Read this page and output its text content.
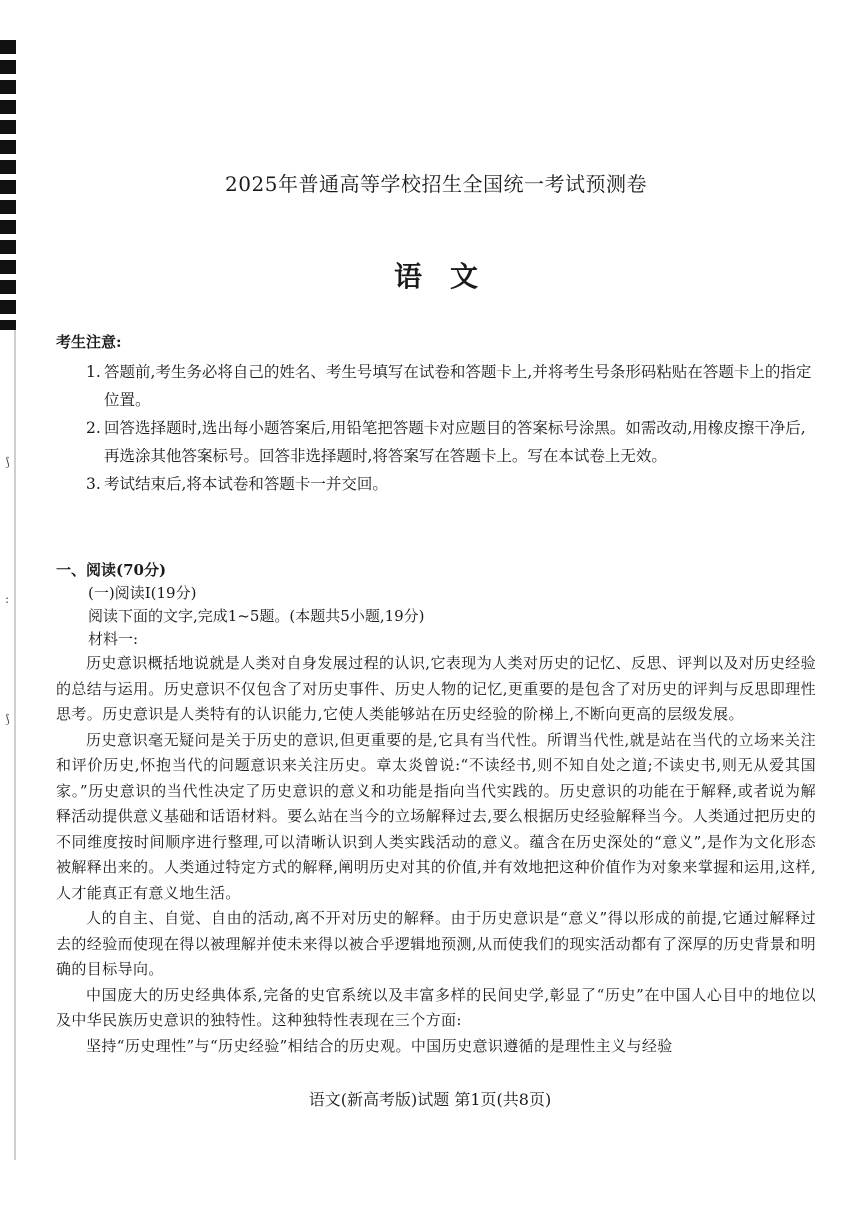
⟆
:
⟆
2025年普通高等学校招生全国统一考试预测卷
语文
考生注意:
1. 答题前,考生务必将自己的姓名、考生号填写在试卷和答题卡上,并将考生号条形码粘贴在答题卡上的指定位置。
2. 回答选择题时,选出每小题答案后,用铅笔把答题卡对应题目的答案标号涂黑。如需改动,用橡皮擦干净后,再选涂其他答案标号。回答非选择题时,将答案写在答题卡上。写在本试卷上无效。
3. 考试结束后,将本试卷和答题卡一并交回。
一、阅读(70分)
(一)阅读Ⅰ(19分)
阅读下面的文字,完成1~5题。(本题共5小题,19分)
材料一:

历史意识概括地说就是人类对自身发展过程的认识,它表现为人类对历史的记忆、反思、评判以及对历史经验的总结与运用。历史意识不仅包含了对历史事件、历史人物的记忆,更重要的是包含了对历史的评判与反思即理性思考。历史意识是人类特有的认识能力,它使人类能够站在历史经验的阶梯上,不断向更高的层级发展。

历史意识毫无疑问是关于历史的意识,但更重要的是,它具有当代性。所谓当代性,就是站在当代的立场来关注和评价历史,怀抱当代的问题意识来关注历史。章太炎曾说:“不读经书,则不知自处之道;不读史书,则无从爱其国家。”历史意识的当代性决定了历史意识的意义和功能是指向当代实践的。历史意识的功能在于解释,或者说为解释活动提供意义基础和话语材料。要么站在当今的立场解释过去,要么根据历史经验解释当今。人类通过把历史的不同维度按时间顺序进行整理,可以清晰认识到人类实践活动的意义。蕴含在历史深处的“意义”,是作为文化形态被解释出来的。人类通过特定方式的解释,阐明历史对其的价值,并有效地把这种价值作为对象来掌握和运用,这样,人才能真正有意义地生活。

人的自主、自觉、自由的活动,离不开对历史的解释。由于历史意识是“意义”得以形成的前提,它通过解释过去的经验而使现在得以被理解并使未来得以被合乎逻辑地预测,从而使我们的现实活动都有了深厚的历史背景和明确的目标导向。

中国庞大的历史经典体系,完备的史官系统以及丰富多样的民间史学,彰显了“历史”在中国人心目中的地位以及中华民族历史意识的独特性。这种独特性表现在三个方面:

坚持“历史理性”与“历史经验”相结合的历史观。中国历史意识遵循的是理性主义与经验

语文(新高考版)试题 第1页(共8页)
